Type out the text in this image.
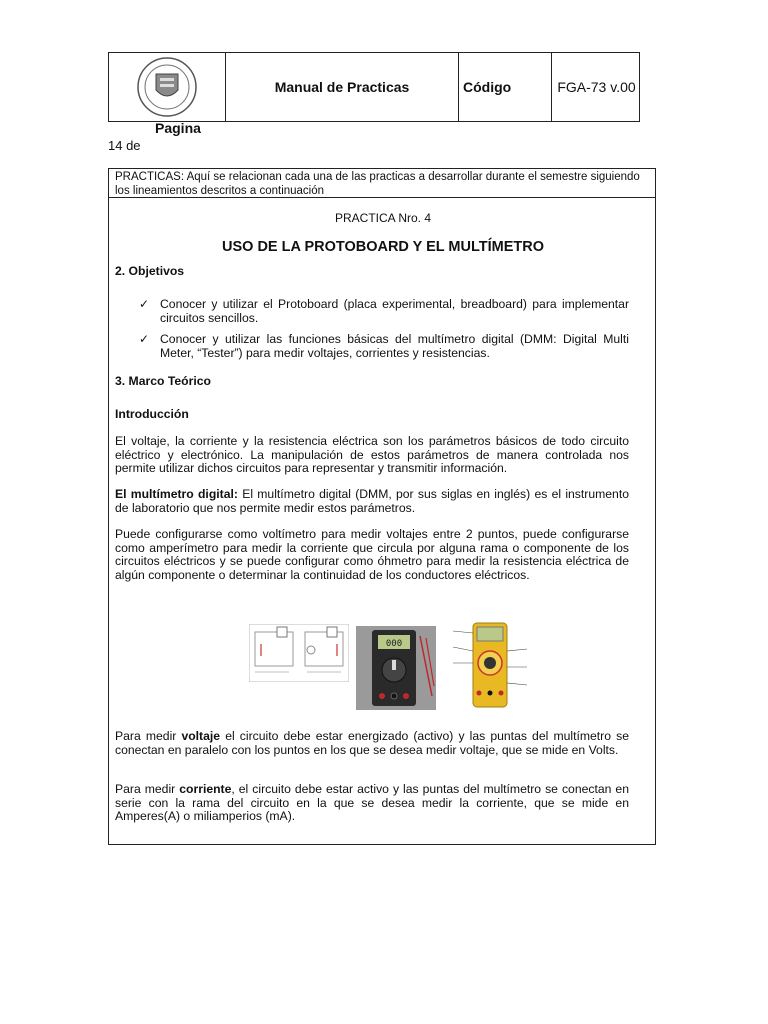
Manual de Practicas	Código	FGA-73 v.00
Pagina
14 de
PRACTICAS: Aquí se relacionan cada una de las practicas a desarrollar durante el semestre siguiendo los lineamientos descritos a continuación
PRACTICA Nro. 4
USO DE LA PROTOBOARD Y EL MULTÍMETRO
2. Objetivos
✓ Conocer y utilizar el Protoboard (placa experimental, breadboard) para implementar circuitos sencillos.
✓ Conocer y utilizar las funciones básicas del multímetro digital (DMM: Digital Multi Meter, “Tester”) para medir voltajes, corrientes y resistencias.
3. Marco Teórico
Introducción
El voltaje, la corriente y la resistencia eléctrica son los parámetros básicos de todo circuito eléctrico y electrónico. La manipulación de estos parámetros de manera controlada nos permite utilizar dichos circuitos para representar y transmitir información.
El multímetro digital: El multímetro digital (DMM, por sus siglas en inglés) es el instrumento de laboratorio que nos permite medir estos parámetros.
Puede configurarse como voltímetro para medir voltajes entre 2 puntos, puede configurarse como amperímetro para medir la corriente que circula por alguna rama o componente de los circuitos eléctricos y se puede configurar como óhmetro para medir la resistencia eléctrica de algún componente o determinar la continuidad de los conductores eléctricos.
000
Para medir voltaje el circuito debe estar energizado (activo) y las puntas del multímetro se conectan en paralelo con los puntos en los que se desea medir voltaje, que se mide en Volts.
Para medir corriente, el circuito debe estar activo y las puntas del multímetro se conectan en serie con la rama del circuito en la que se desea medir la corriente, que se mide en Amperes(A) o miliamperios (mA).
